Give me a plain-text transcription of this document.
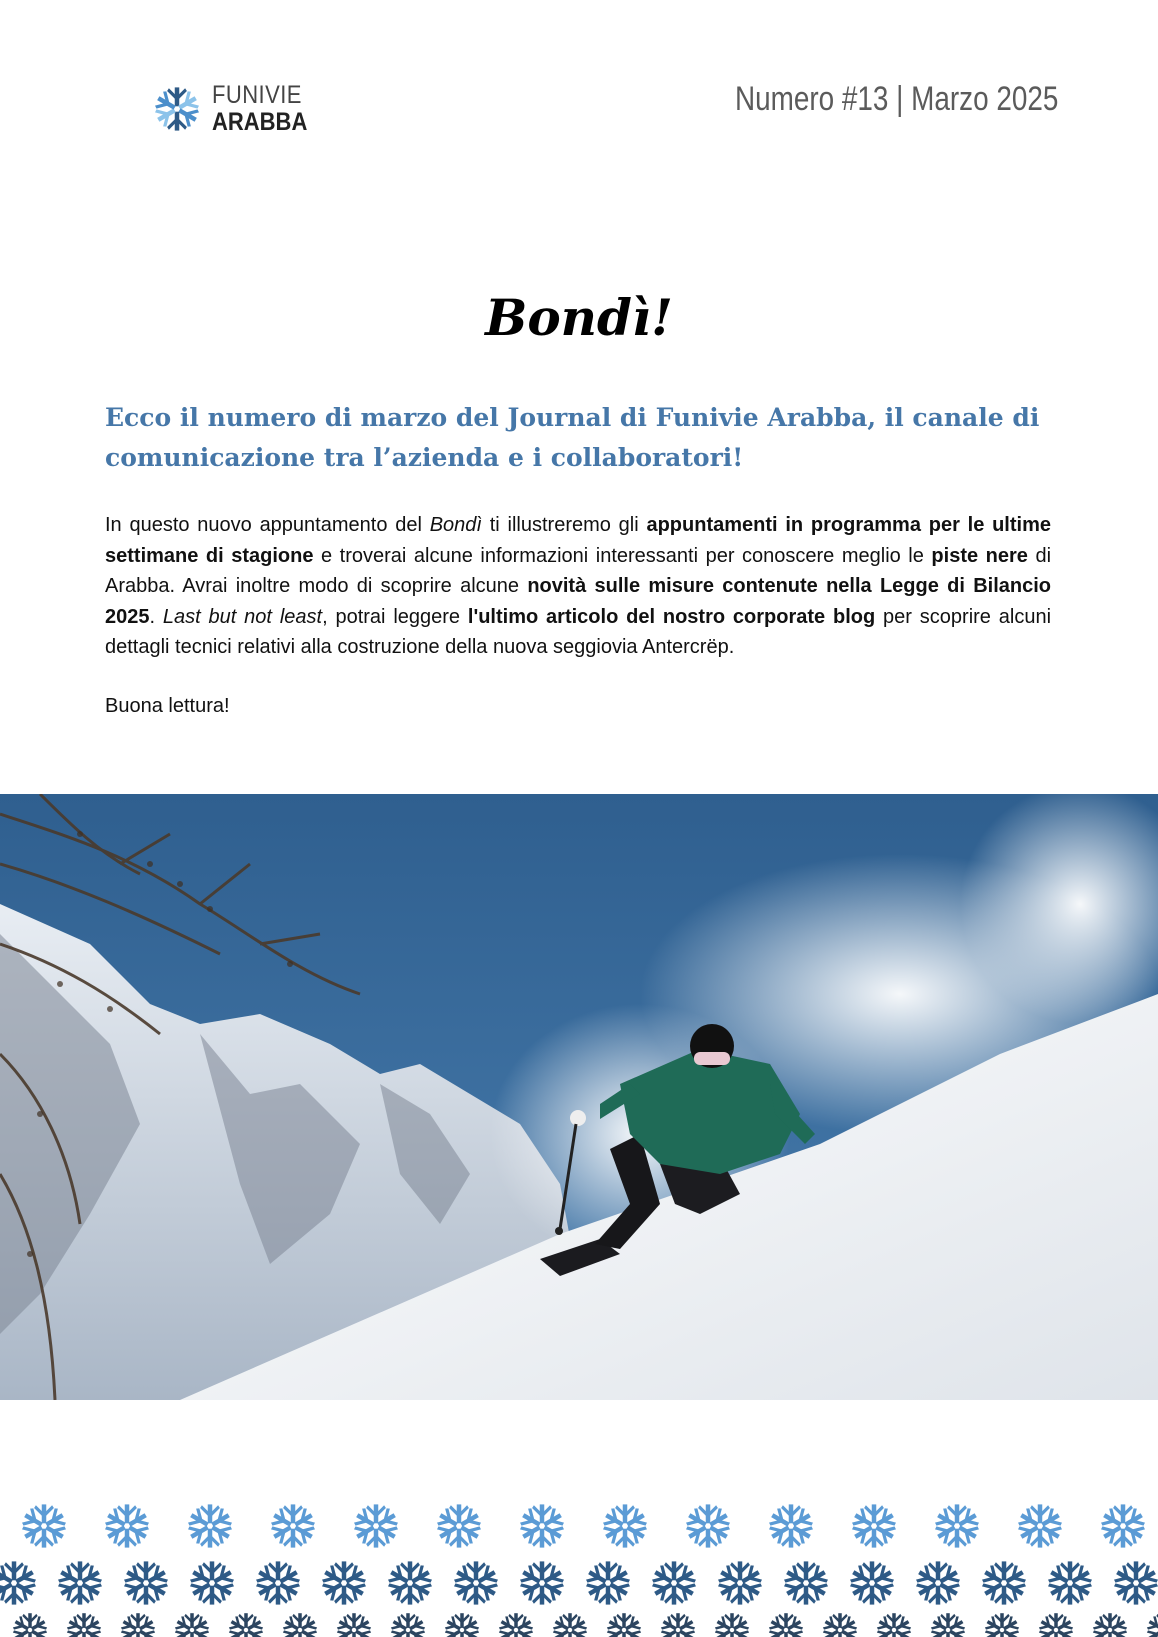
FUNIVIE
ARABBA
Numero #13 | Marzo 2025
Bondì!

Ecco il numero di marzo del Journal di Funivie Arabba, il canale di comunicazione tra l’azienda e i collaboratori!

In questo nuovo appuntamento del Bondì ti illustreremo gli appuntamenti in programma per le ultime settimane di stagione e troverai alcune informazioni interessanti per conoscere meglio le piste nere di Arabba. Avrai inoltre modo di scoprire alcune novità sulle misure contenute nella Legge di Bilancio 2025. Last but not least, potrai leggere l'ultimo articolo del nostro corporate blog per scoprire alcuni dettagli tecnici relativi alla costruzione della nuova seggiovia Antercrëp.

Buona lettura!
